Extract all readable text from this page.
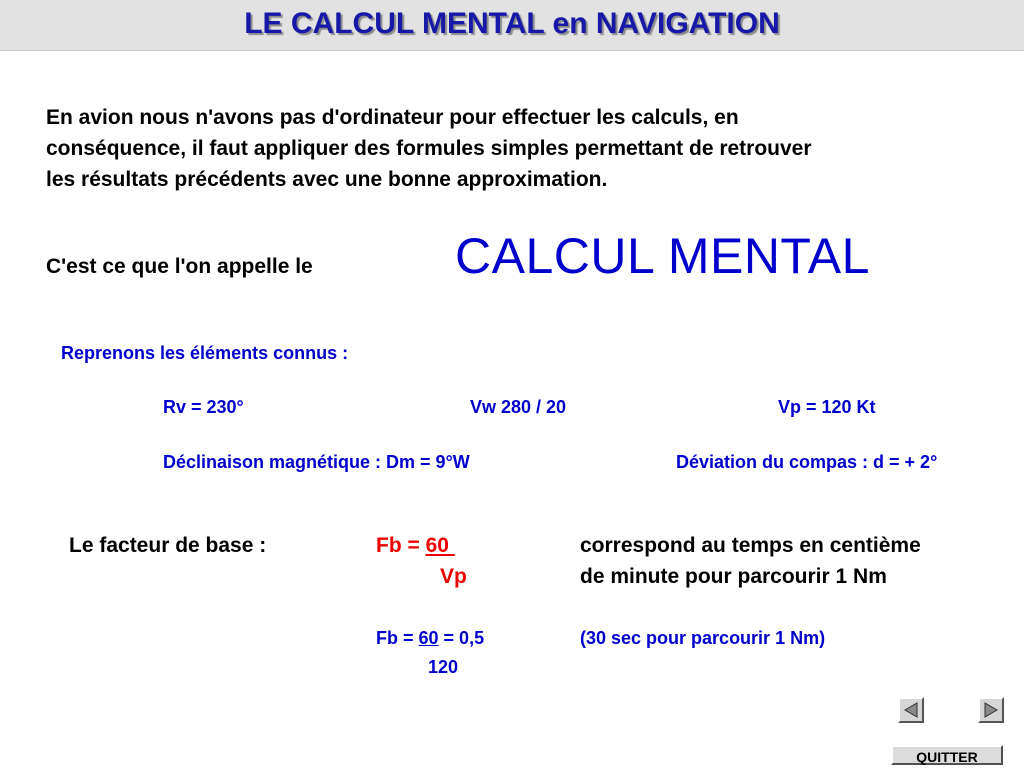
LE CALCUL MENTAL en NAVIGATION
En avion nous n'avons pas d'ordinateur pour effectuer les calculs, en
conséquence, il faut appliquer des formules simples permettant de retrouver
les résultats précédents avec une bonne approximation.
C'est ce que l'on appelle le	CALCUL MENTAL
Reprenons les éléments connus :
Rv = 230°	Vw 280 / 20	Vp = 120 Kt
Déclinaison magnétique : Dm = 9°W	Déviation du compas : d = + 2°
Le facteur de base :	Fb = 60
Vp
correspond au temps en centième
de minute pour parcourir 1 Nm
Fb = 60 = 0,5
120
(30 sec pour parcourir 1 Nm)
QUITTER
